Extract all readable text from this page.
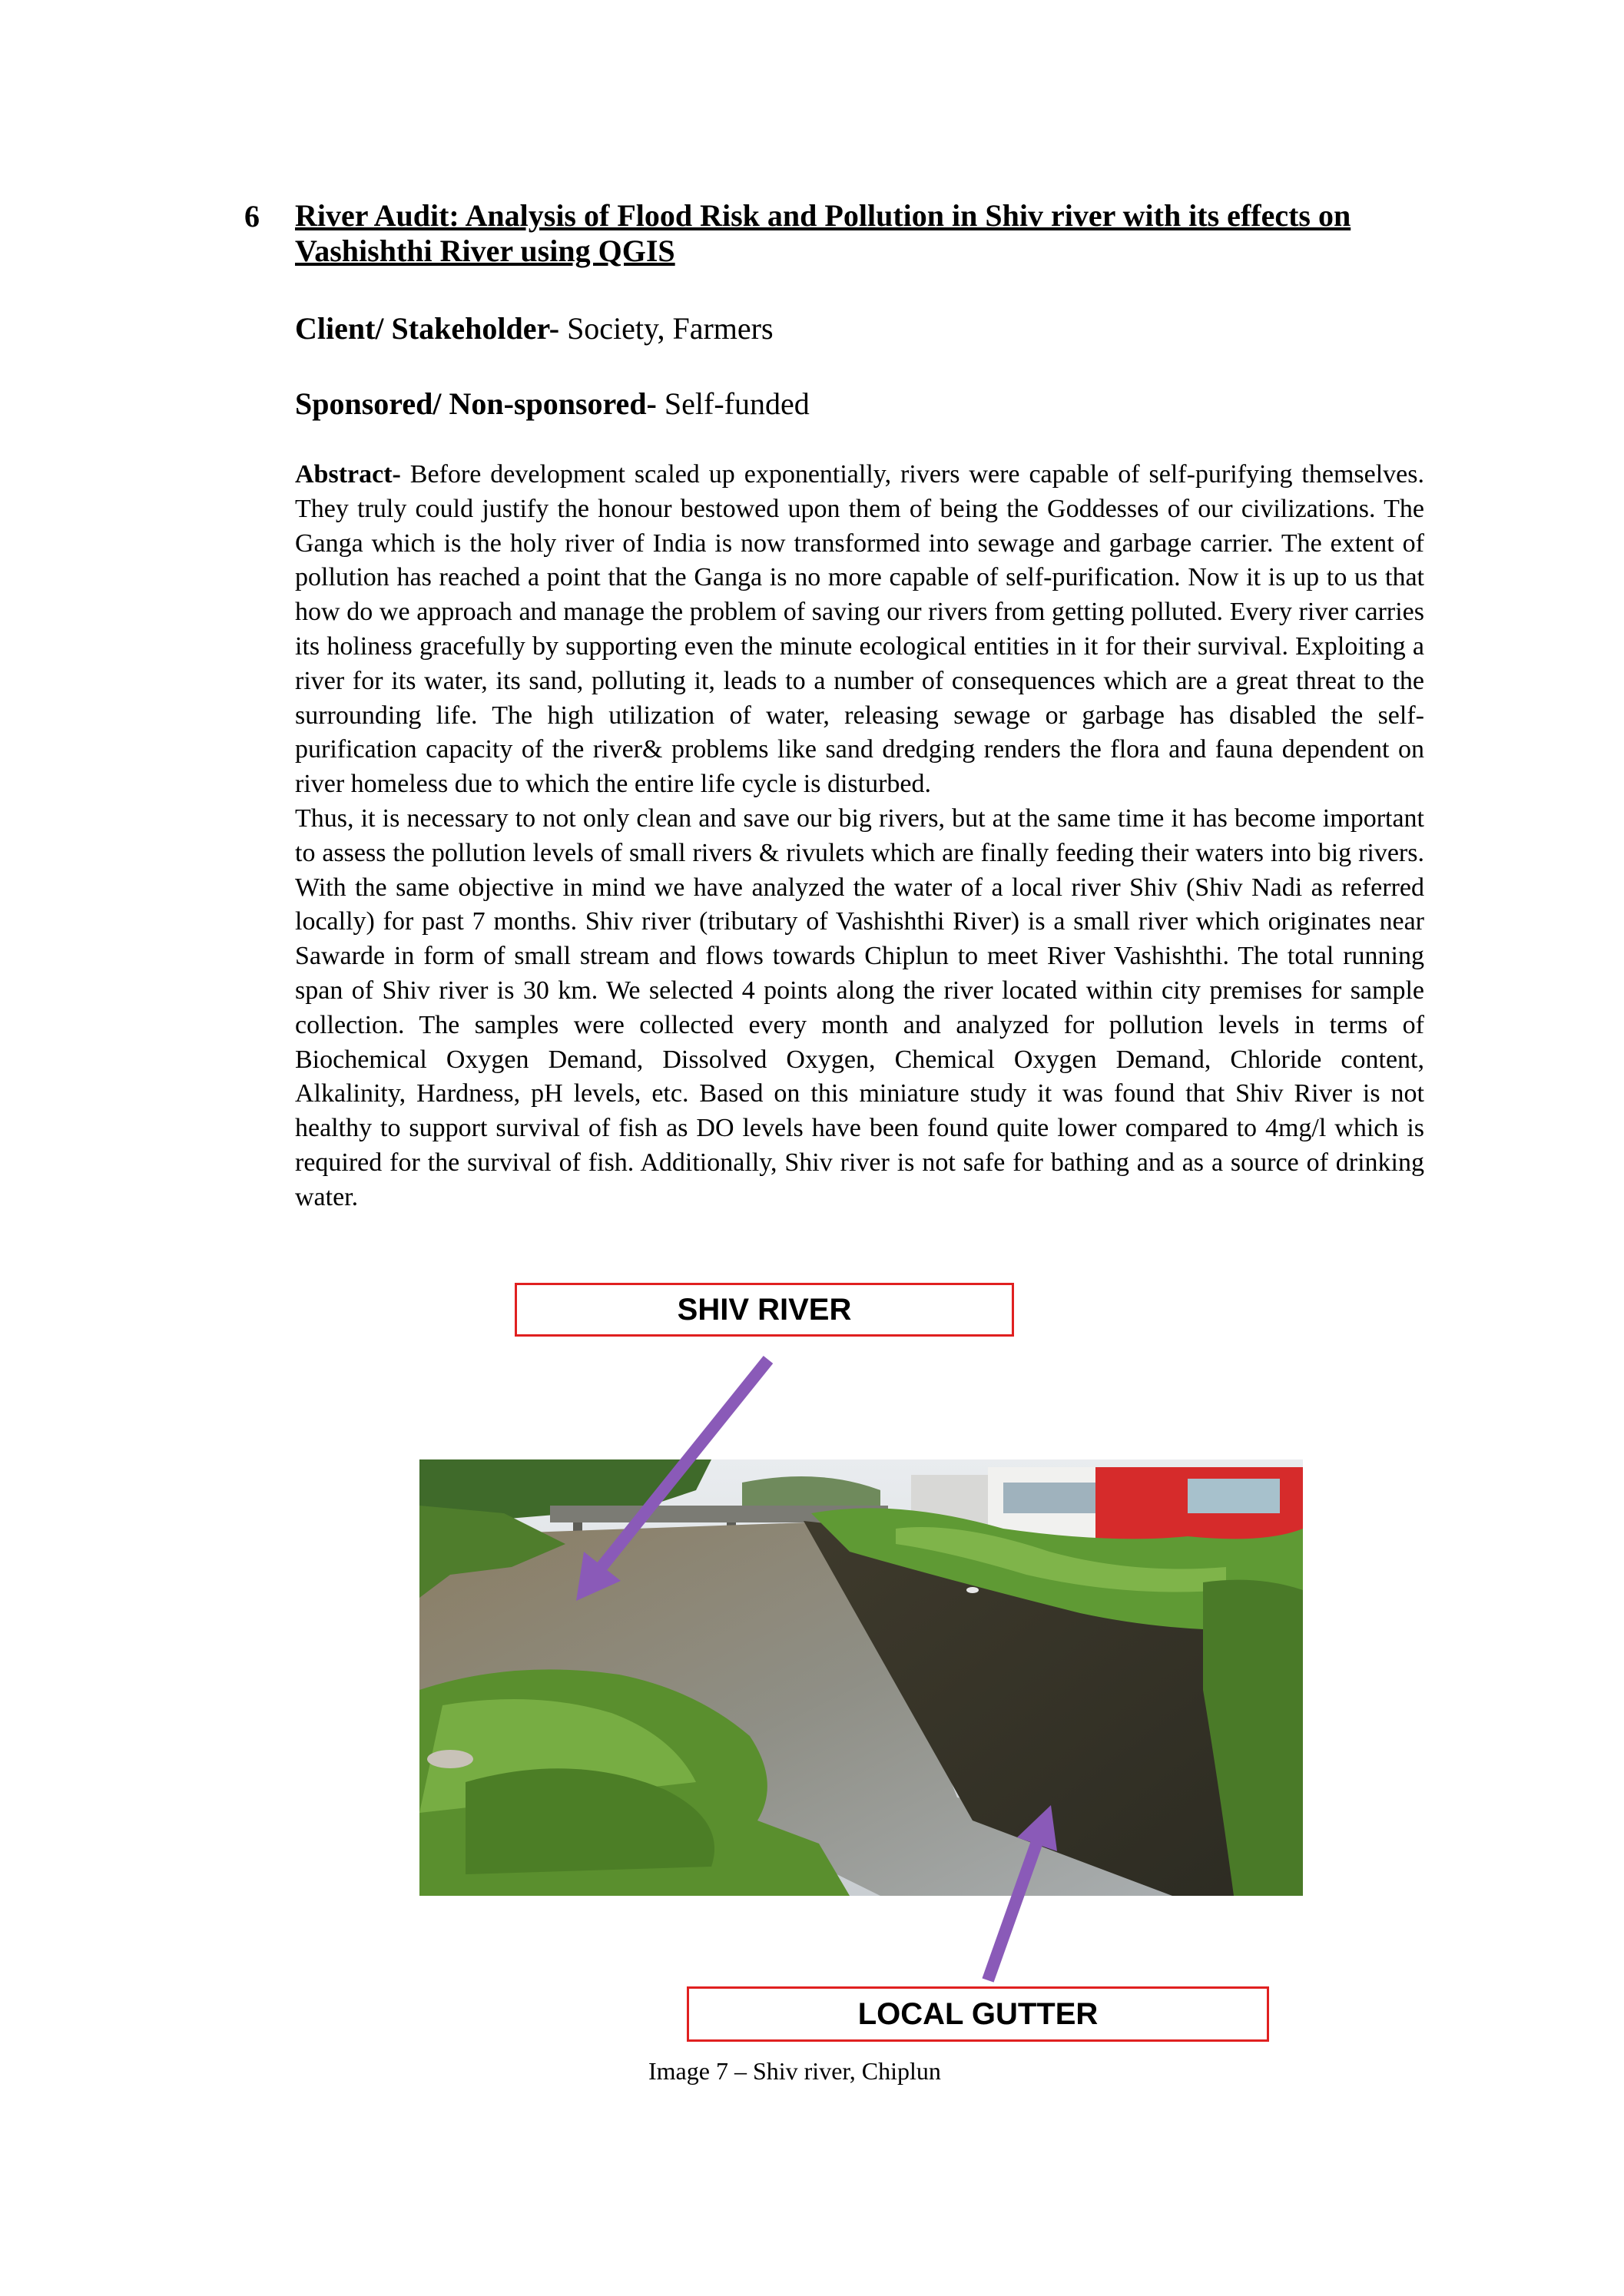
6 River Audit: Analysis of Flood Risk and Pollution in Shiv river with its effects on Vashishthi River using QGIS
Client/ Stakeholder- Society, Farmers
Sponsored/ Non-sponsored- Self-funded

Abstract- Before development scaled up exponentially, rivers were capable of self-purifying themselves. They truly could justify the honour bestowed upon them of being the Goddesses of our civilizations. The Ganga which is the holy river of India is now transformed into sewage and garbage carrier. The extent of pollution has reached a point that the Ganga is no more capable of self-purification. Now it is up to us that how do we approach and manage the problem of saving our rivers from getting polluted. Every river carries its holiness gracefully by supporting even the minute ecological entities in it for their survival. Exploiting a river for its water, its sand, polluting it, leads to a number of consequences which are a great threat to the surrounding life. The high utilization of water, releasing sewage or garbage has disabled the self-purification capacity of the river& problems like sand dredging renders the flora and fauna dependent on river homeless due to which the entire life cycle is disturbed.

Thus, it is necessary to not only clean and save our big rivers, but at the same time it has become important to assess the pollution levels of small rivers & rivulets which are finally feeding their waters into big rivers. With the same objective in mind we have analyzed the water of a local river Shiv (Shiv Nadi as referred locally) for past 7 months. Shiv river (tributary of Vashishthi River) is a small river which originates near Sawarde in form of small stream and flows towards Chiplun to meet River Vashishthi. The total running span of Shiv river is 30 km. We selected 4 points along the river located within city premises for sample collection. The samples were collected every month and analyzed for pollution levels in terms of Biochemical Oxygen Demand, Dissolved Oxygen, Chemical Oxygen Demand, Chloride content, Alkalinity, Hardness, pH levels, etc. Based on this miniature study it was found that Shiv River is not healthy to support survival of fish as DO levels have been found quite lower compared to 4mg/l which is required for the survival of fish. Additionally, Shiv river is not safe for bathing and as a source of drinking water.

SHIV RIVER
LOCAL GUTTER
Image 7 – Shiv river, Chiplun
